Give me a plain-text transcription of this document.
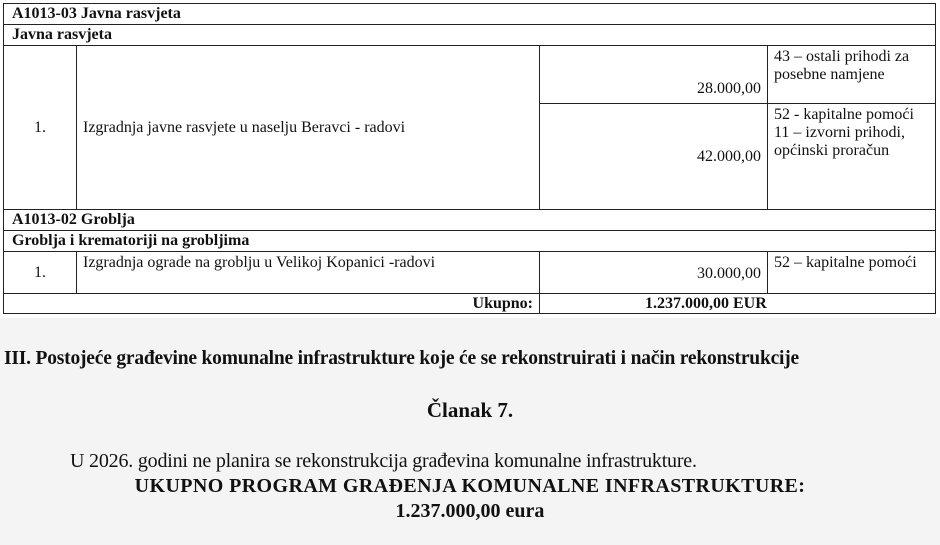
A1013-03 Javna rasvjeta			
Javna rasvjeta			
1.	Izgradnja javne rasvjete u naselju Beravci - radovi	28.000,00	43 – ostali prihodi za posebne namjene
		42.000,00	52 - kapitalne pomoći
11 – izvorni prihodi, općinski proračun

A1013-02 Groblja			
Groblja i krematoriji na grobljima			
1.	Izgradnja ograde na groblju u Velikoj Kopanici -radovi	30.000,00	52 – kapitalne pomoći
Ukupno:		1.237.000,00 EUR	
III. Postojeće građevine komunalne infrastrukture koje će se rekonstruirati i način rekonstrukcije
Članak 7.
U 2026. godini ne planira se rekonstrukcija građevina komunalne infrastrukture.
UKUPNO PROGRAM GRAĐENJA KOMUNALNE INFRASTRUKTURE:
1.237.000,00 eura
